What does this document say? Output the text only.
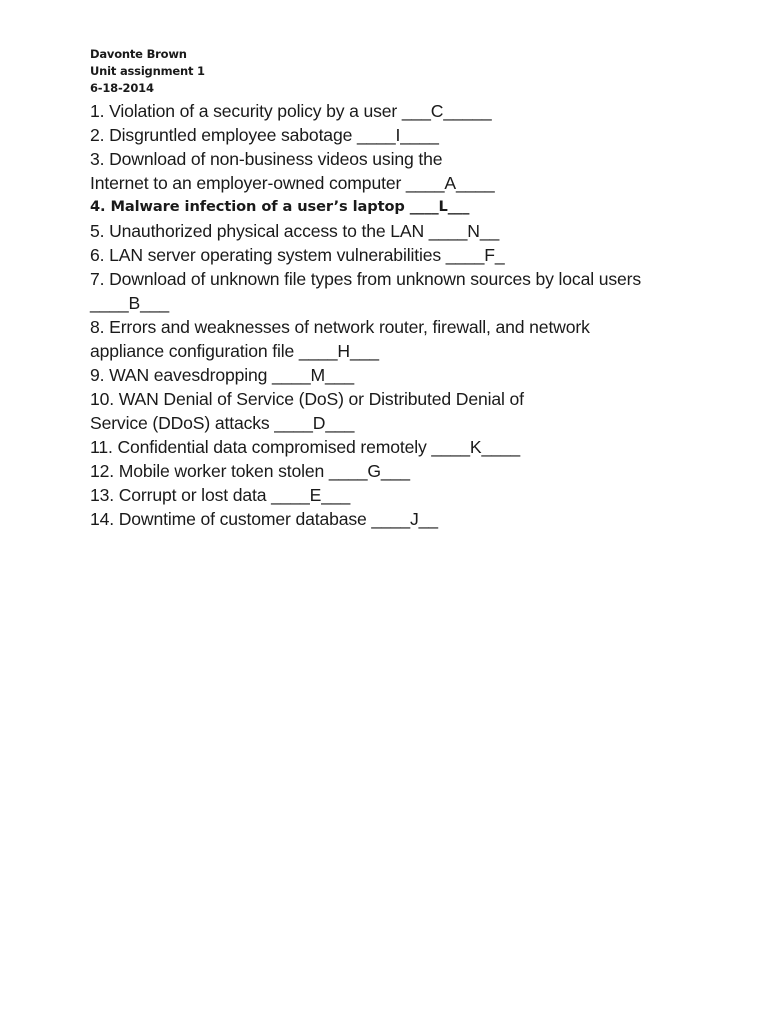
Davonte Brown
Unit assignment 1
6-18-2014
1. Violation of a security policy by a user ___C_____
2. Disgruntled employee sabotage ____I____
3. Download of non-business videos using the
Internet to an employer-owned computer ____A____
4. Malware infection of a user’s laptop ____L___
5. Unauthorized physical access to the LAN ____N__
6. LAN server operating system vulnerabilities ____F_
7. Download of unknown file types from unknown sources by local users
____B___
8. Errors and weaknesses of network router, firewall, and network
appliance configuration file ____H___
9. WAN eavesdropping ____M___
10. WAN Denial of Service (DoS) or Distributed Denial of
Service (DDoS) attacks ____D___
11. Confidential data compromised remotely ____K____
12. Mobile worker token stolen ____G___
13. Corrupt or lost data ____E___
14. Downtime of customer database ____J__
